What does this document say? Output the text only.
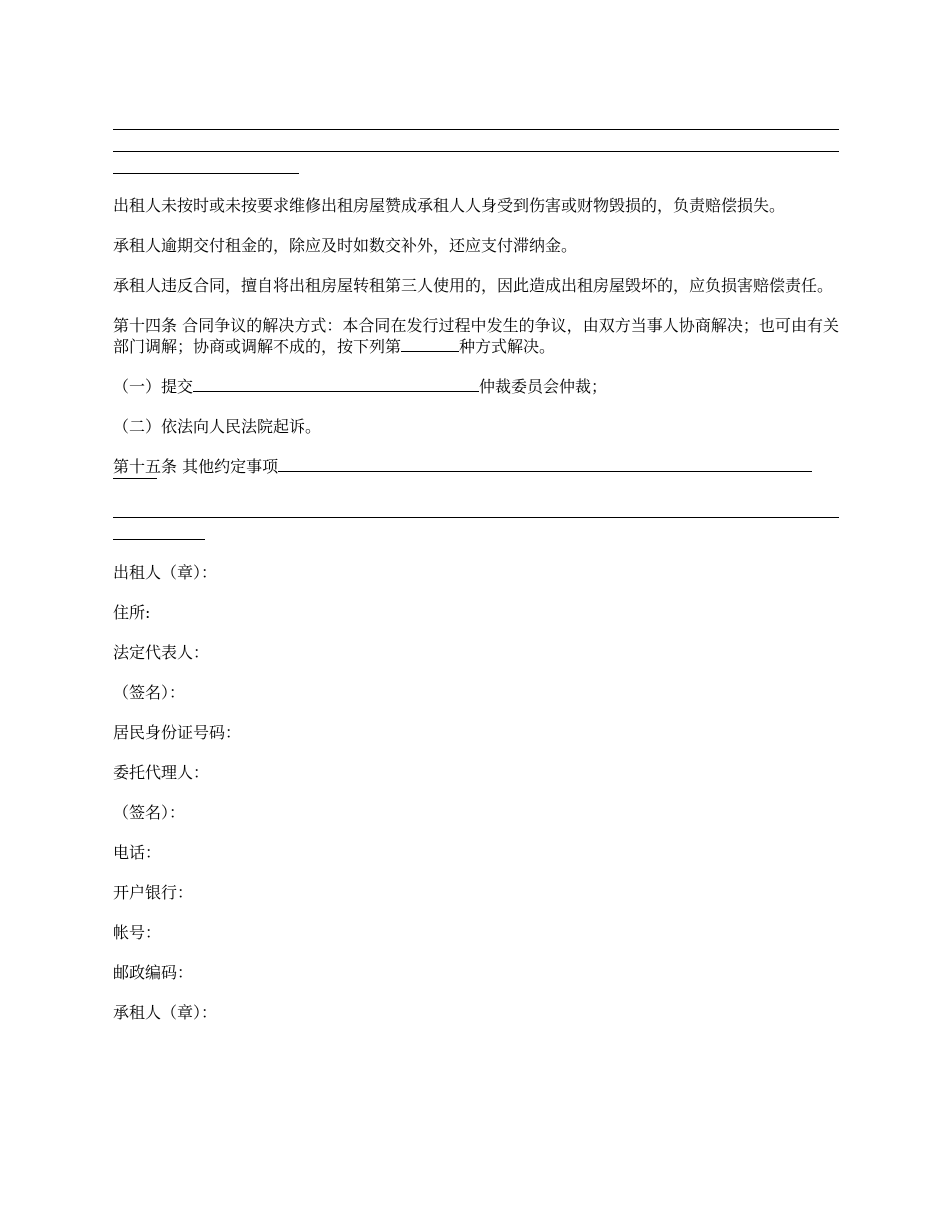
出租人未按时或未按要求维修出租房屋赞成承租人人身受到伤害或财物毁损的，负责赔偿损失。

承租人逾期交付租金的，除应及时如数交补外，还应支付滞纳金。

承租人违反合同，擅自将出租房屋转租第三人使用的，因此造成出租房屋毁坏的，应负损害赔偿责任。

第十四条 合同争议的解决方式：本合同在发行过程中发生的争议，由双方当事人协商解决；也可由有关部门调解；协商或调解不成的，按下列第	种方式解决。

（一）提交	仲裁委员会仲裁；

（二）依法向人民法院起诉。

第十五条 其他约定事项

出租人（章）：

住所:

法定代表人：

（签名）：

居民身份证号码：

委托代理人：

（签名）：

电话：

开户银行：

帐号：

邮政编码：

承租人（章）：
